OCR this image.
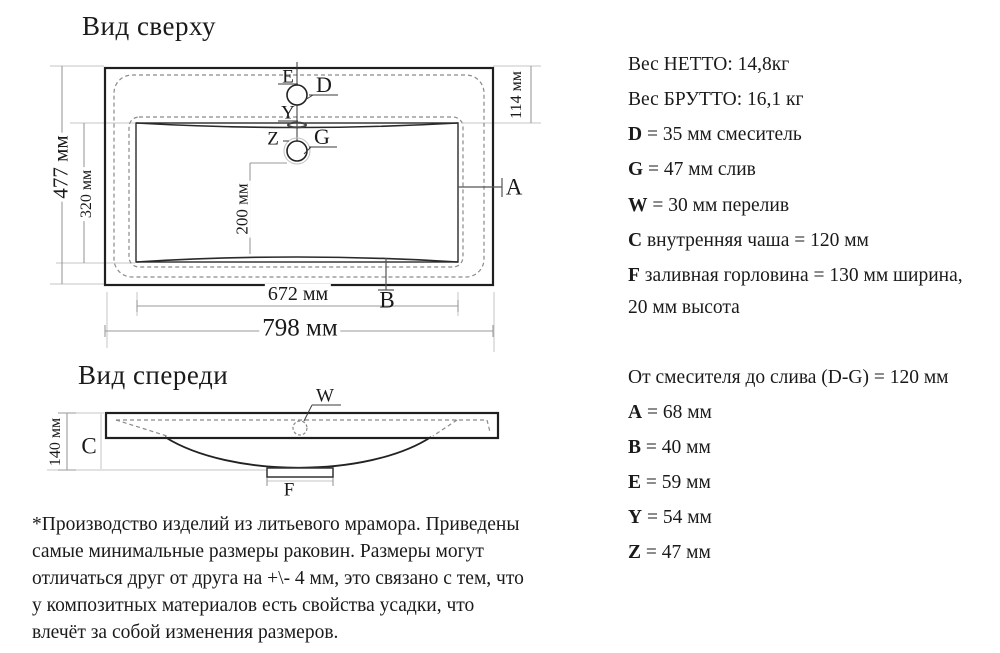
Вид сверху
Вид спереди
477 мм 320 мм	200 мм
114 мм
672 мм
798 мм
E D
Y
Z G
A
B
140 мм
W
C
F
Вес НЕТТО: 14,8кг
Вес БРУТТО: 16,1 кг
D = 35 мм смеситель
G = 47 мм слив
W = 30 мм перелив
C внутренняя чаша = 120 мм
F заливная горловина = 130 мм ширина,
20 мм высота
От смесителя до слива (D-G) = 120 мм
A = 68 мм
B = 40 мм
E = 59 мм
Y = 54 мм
Z = 47 мм
*Производство изделий из литьевого мрамора. Приведены
самые минимальные размеры раковин. Размеры могут
отличаться друг от друга на +\- 4 мм, это связано с тем, что
у композитных материалов есть свойства усадки, что
влечёт за собой изменения размеров.
